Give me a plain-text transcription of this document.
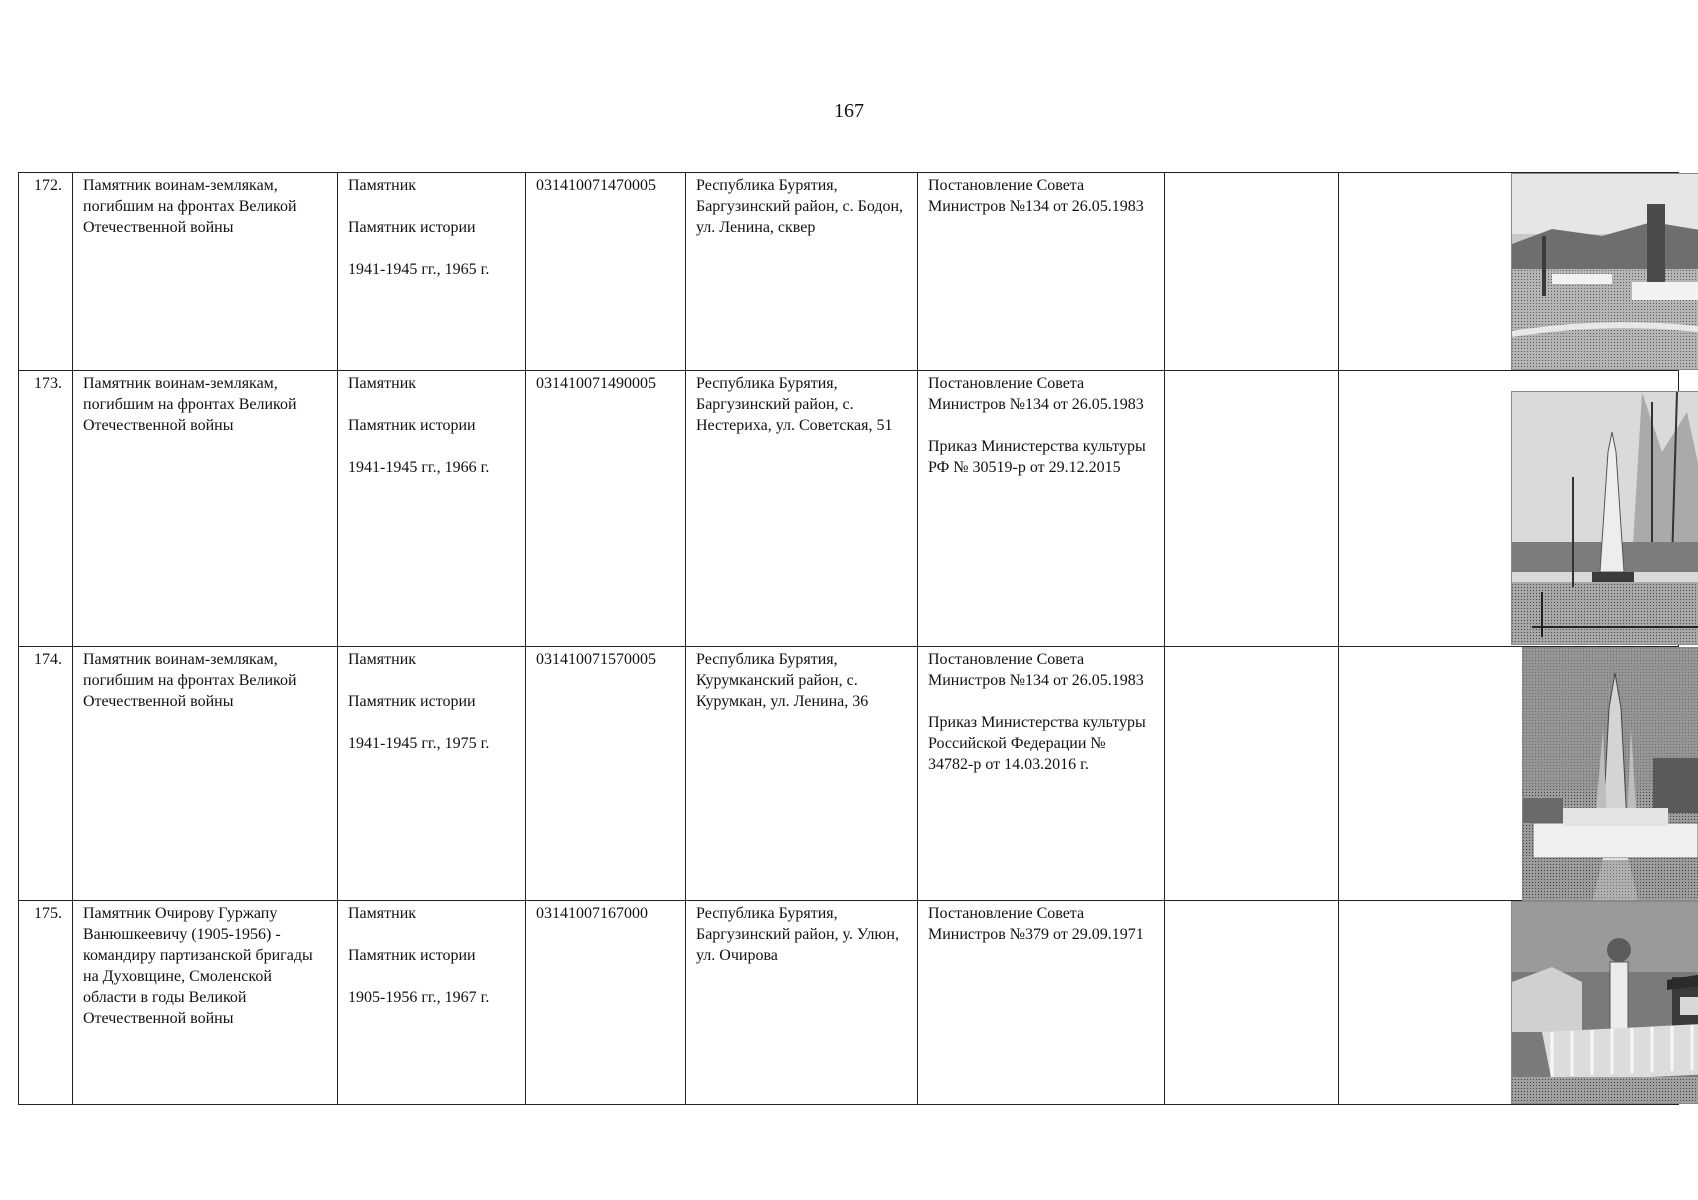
167
172.	Памятник воинам-землякам, погибшим на фронтах Великой Отечественной войны	Памятник
Памятник истории
1941-1945 гг., 1965 г.	031410071470005	Республика Бурятия, Баргузинский район, с. Бодон, ул. Ленина, сквер	Постановление Совета Министров №134 от 26.05.1983

173.	Памятник воинам-землякам, погибшим на фронтах Великой Отечественной войны	Памятник
Памятник истории
1941-1945 гг., 1966 г.	031410071490005	Республика Бурятия, Баргузинский район, с. Нестериха, ул. Советская, 51	Постановление Совета Министров №134 от 26.05.1983
Приказ Министерства культуры РФ № 30519-р от 29.12.2015

174.	Памятник воинам-землякам, погибшим на фронтах Великой Отечественной войны	Памятник
Памятник истории
1941-1945 гг., 1975 г.	031410071570005	Республика Бурятия, Курумканский район, с. Курумкан, ул. Ленина, 36	Постановление Совета Министров №134 от 26.05.1983
Приказ Министерства культуры Российской Федерации № 34782-р от 14.03.2016 г.

175.	Памятник Очирову Гуржапу Ванюшкеевичу (1905-1956) - командиру партизанской бригады на Духовщине, Смоленской области в годы Великой Отечественной войны	Памятник
Памятник истории
1905-1956 гг., 1967 г.	03141007167000	Республика Бурятия, Баргузинский район, у. Улюн, ул. Очирова	Постановление Совета Министров №379 от 29.09.1971
